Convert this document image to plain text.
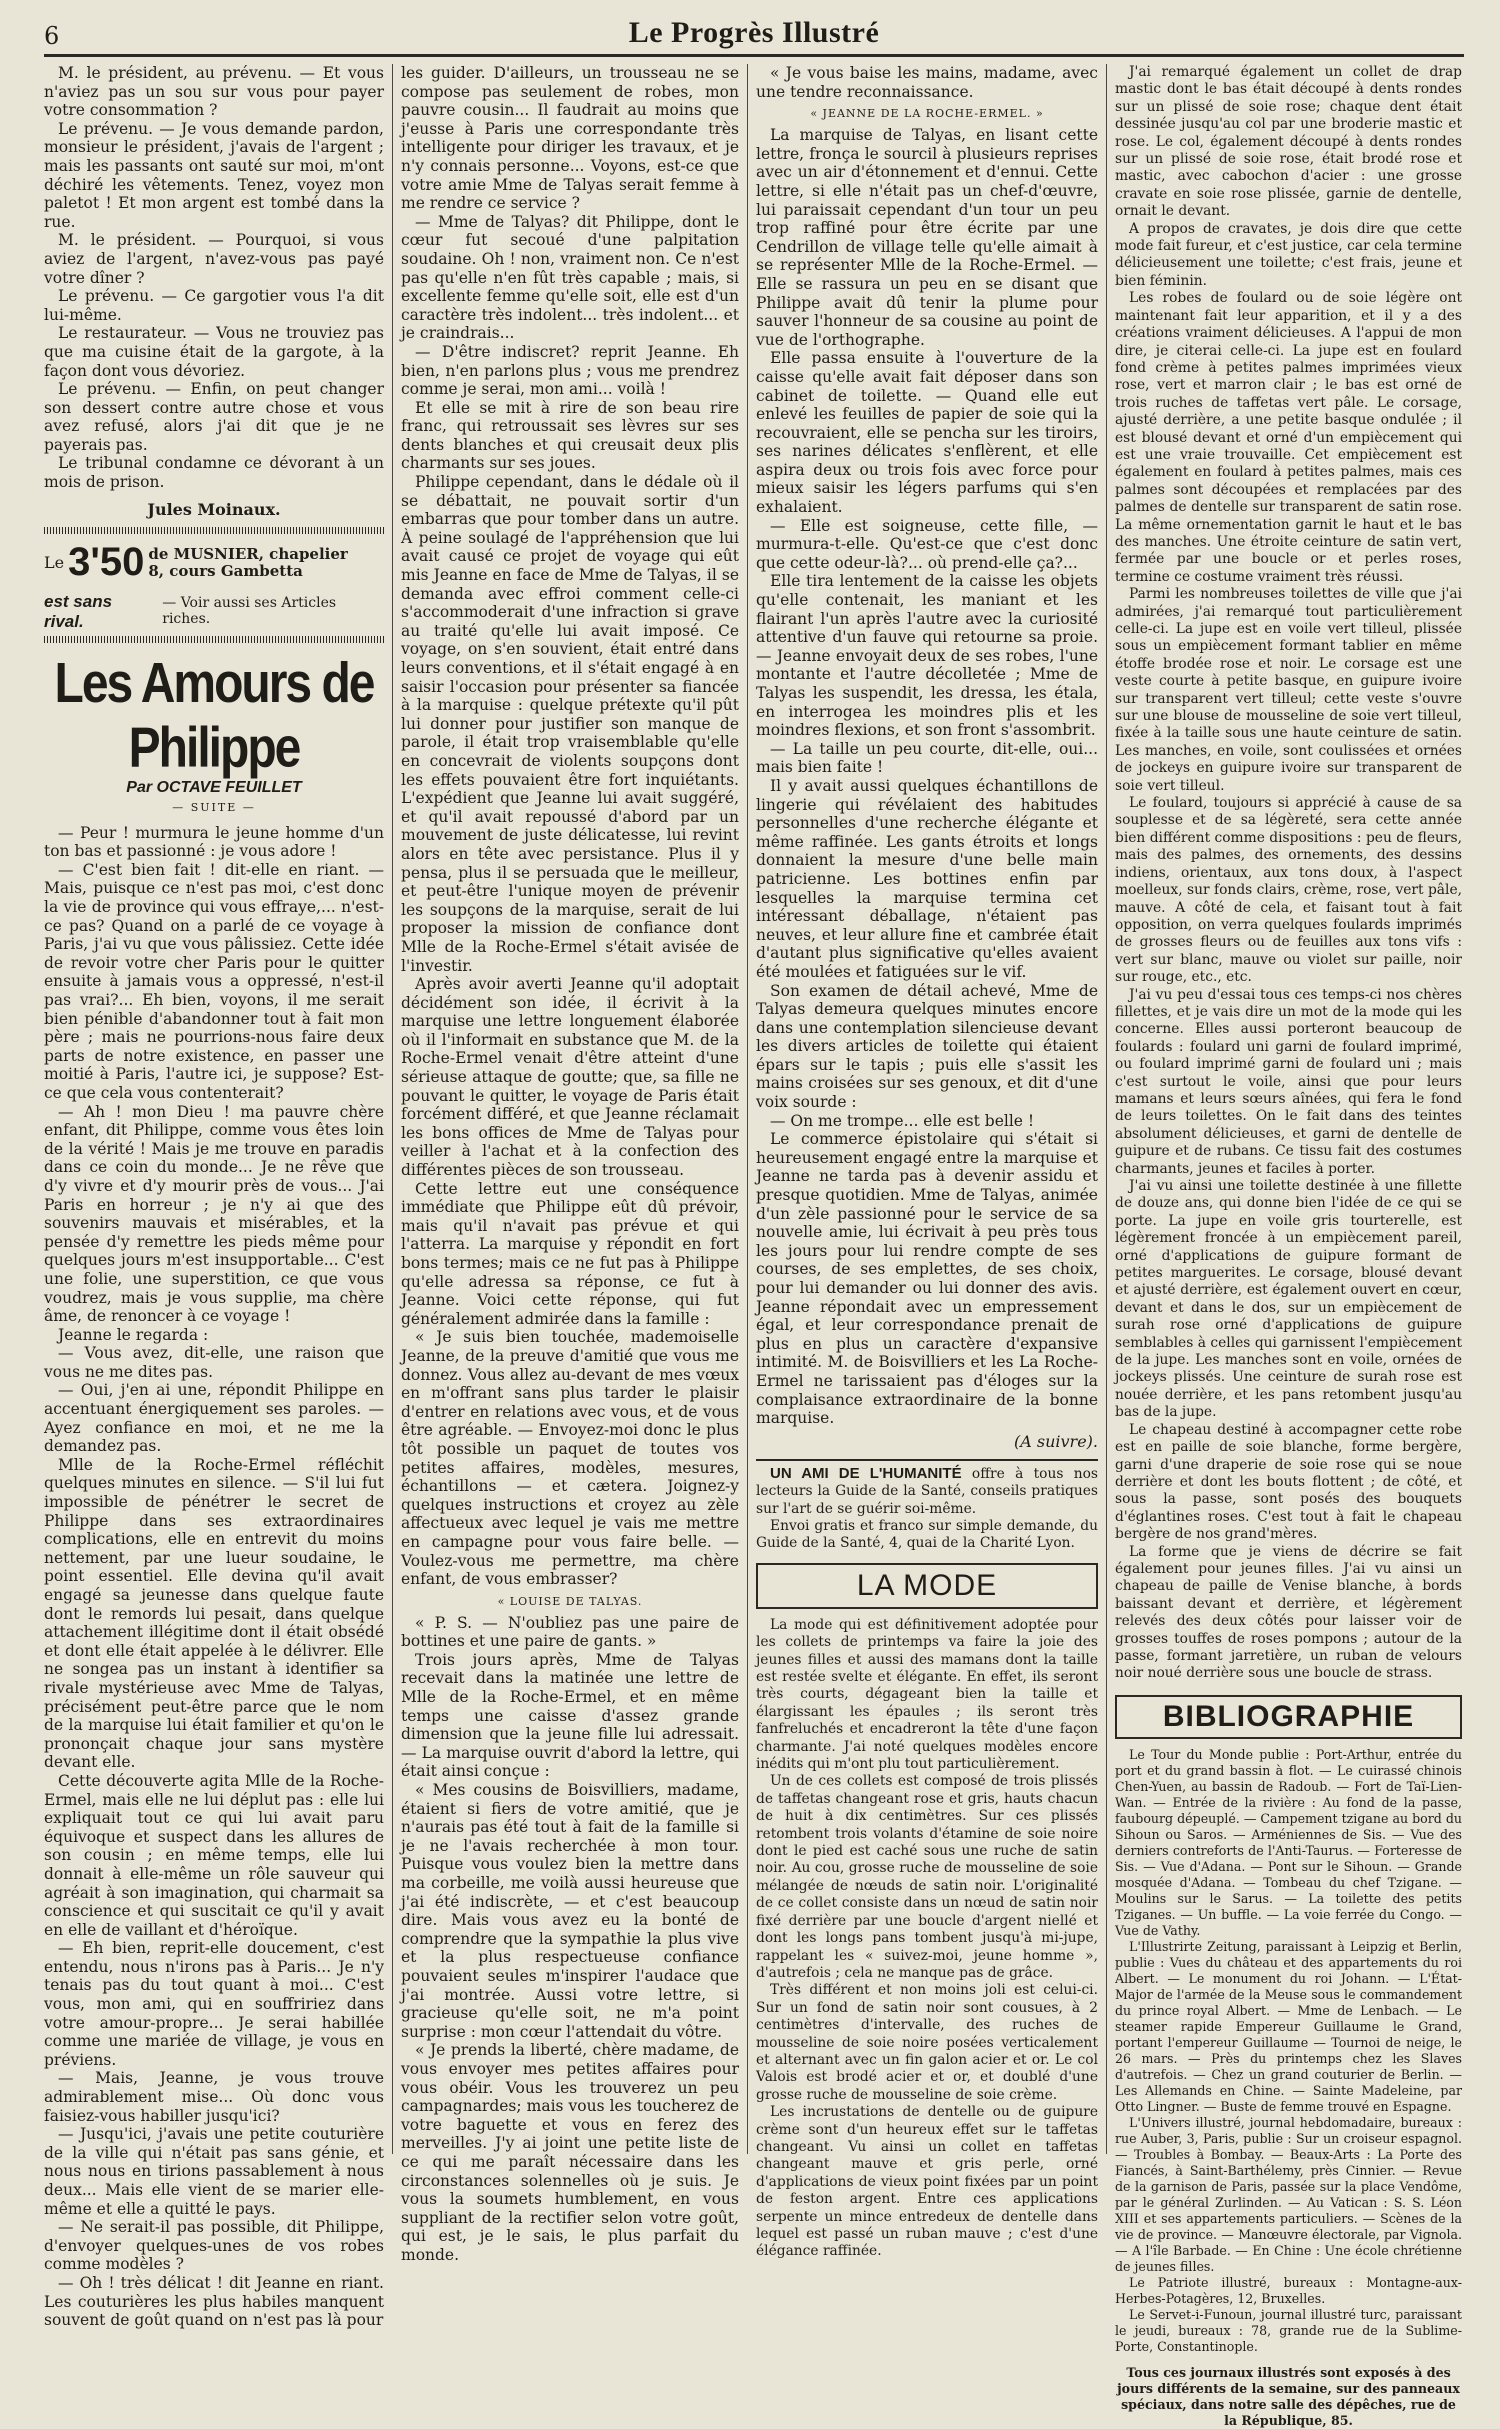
6	Le Progrès Illustré

M. le président, au prévenu. — Et vous n'aviez pas un sou sur vous pour payer votre consommation ?

Le prévenu. — Je vous demande pardon, monsieur le président, j'avais de l'argent ; mais les passants ont sauté sur moi, m'ont déchiré les vêtements. Tenez, voyez mon paletot ! Et mon argent est tombé dans la rue.

M. le président. — Pourquoi, si vous aviez de l'argent, n'avez-vous pas payé votre dîner ?

Le prévenu. — Ce gargotier vous l'a dit lui-même.

Le restaurateur. — Vous ne trouviez pas que ma cuisine était de la gargote, à la façon dont vous dévoriez.

Le prévenu. — Enfin, on peut changer son dessert contre autre chose et vous avez refusé, alors j'ai dit que je ne payerais pas.

Le tribunal condamne ce dévorant à un mois de prison.

Jules Moinaux.
Le 3'50 de MUSNIER, chapelier
8, cours Gambetta
est sans rival.
— Voir aussi ses Articles riches.
Les Amours de Philippe
Par OCTAVE FEUILLET
— SUITE —

— Peur ! murmura le jeune homme d'un ton bas et passionné : je vous adore !

— C'est bien fait ! dit-elle en riant. — Mais, puisque ce n'est pas moi, c'est donc la vie de province qui vous effraye,... n'est-ce pas? Quand on a parlé de ce voyage à Paris, j'ai vu que vous pâlissiez. Cette idée de revoir votre cher Paris pour le quitter ensuite à jamais vous a oppressé, n'est-il pas vrai?... Eh bien, voyons, il me serait bien pénible d'abandonner tout à fait mon père ; mais ne pourrions-nous faire deux parts de notre existence, en passer une moitié à Paris, l'autre ici, je suppose? Est-ce que cela vous contenterait?

— Ah ! mon Dieu ! ma pauvre chère enfant, dit Philippe, comme vous êtes loin de la vérité ! Mais je me trouve en paradis dans ce coin du monde... Je ne rêve que d'y vivre et d'y mourir près de vous... J'ai Paris en horreur ; je n'y ai que des souvenirs mauvais et misérables, et la pensée d'y remettre les pieds même pour quelques jours m'est insupportable... C'est une folie, une superstition, ce que vous voudrez, mais je vous supplie, ma chère âme, de renoncer à ce voyage !

Jeanne le regarda :

— Vous avez, dit-elle, une raison que vous ne me dites pas.

— Oui, j'en ai une, répondit Philippe en accentuant énergiquement ses paroles. — Ayez confiance en moi, et ne me la demandez pas.

Mlle de la Roche-Ermel réfléchit quelques minutes en silence. — S'il lui fut impossible de pénétrer le secret de Philippe dans ses extraordinaires complications, elle en entrevit du moins nettement, par une lueur soudaine, le point essentiel. Elle devina qu'il avait engagé sa jeunesse dans quelque faute dont le remords lui pesait, dans quelque attachement illégitime dont il était obsédé et dont elle était appelée à le délivrer. Elle ne songea pas un instant à identifier sa rivale mystérieuse avec Mme de Talyas, précisément peut-être parce que le nom de la marquise lui était familier et qu'on le prononçait chaque jour sans mystère devant elle.

Cette découverte agita Mlle de la Roche-Ermel, mais elle ne lui déplut pas : elle lui expliquait tout ce qui lui avait paru équivoque et suspect dans les allures de son cousin ; en même temps, elle lui donnait à elle-même un rôle sauveur qui agréait à son imagination, qui charmait sa conscience et qui suscitait ce qu'il y avait en elle de vaillant et d'héroïque.

— Eh bien, reprit-elle doucement, c'est entendu, nous n'irons pas à Paris... Je n'y tenais pas du tout quant à moi... C'est vous, mon ami, qui en souffririez dans votre amour-propre... Je serai habillée comme une mariée de village, je vous en préviens.

— Mais, Jeanne, je vous trouve admirablement mise... Où donc vous faisiez-vous habiller jusqu'ici?

— Jusqu'ici, j'avais une petite couturière de la ville qui n'était pas sans génie, et nous nous en tirions passablement à nous deux... Mais elle vient de se marier elle-même et elle a quitté le pays.

— Ne serait-il pas possible, dit Philippe, d'envoyer quelques-unes de vos robes comme modèles ?

— Oh ! très délicat ! dit Jeanne en riant. Les couturières les plus habiles manquent souvent de goût quand on n'est pas là pour

les guider. D'ailleurs, un trousseau ne se compose pas seulement de robes, mon pauvre cousin... Il faudrait au moins que j'eusse à Paris une correspondante très intelligente pour diriger les travaux, et je n'y connais personne... Voyons, est-ce que votre amie Mme de Talyas serait femme à me rendre ce service ?

— Mme de Talyas? dit Philippe, dont le cœur fut secoué d'une palpitation soudaine. Oh ! non, vraiment non. Ce n'est pas qu'elle n'en fût très capable ; mais, si excellente femme qu'elle soit, elle est d'un caractère très indolent... très indolent... et je craindrais...

— D'être indiscret? reprit Jeanne. Eh bien, n'en parlons plus ; vous me prendrez comme je serai, mon ami... voilà !

Et elle se mit à rire de son beau rire franc, qui retroussait ses lèvres sur ses dents blanches et qui creusait deux plis charmants sur ses joues.

Philippe cependant, dans le dédale où il se débattait, ne pouvait sortir d'un embarras que pour tomber dans un autre. À peine soulagé de l'appréhension que lui avait causé ce projet de voyage qui eût mis Jeanne en face de Mme de Talyas, il se demanda avec effroi comment celle-ci s'accommoderait d'une infraction si grave au traité qu'elle lui avait imposé. Ce voyage, on s'en souvient, était entré dans leurs conventions, et il s'était engagé à en saisir l'occasion pour présenter sa fiancée à la marquise : quelque prétexte qu'il pût lui donner pour justifier son manque de parole, il était trop vraisemblable qu'elle en concevrait de violents soupçons dont les effets pouvaient être fort inquiétants. L'expédient que Jeanne lui avait suggéré, et qu'il avait repoussé d'abord par un mouvement de juste délicatesse, lui revint alors en tête avec persistance. Plus il y pensa, plus il se persuada que le meilleur, et peut-être l'unique moyen de prévenir les soupçons de la marquise, serait de lui proposer la mission de confiance dont Mlle de la Roche-Ermel s'était avisée de l'investir.

Après avoir averti Jeanne qu'il adoptait décidément son idée, il écrivit à la marquise une lettre longuement élaborée où il l'informait en substance que M. de la Roche-Ermel venait d'être atteint d'une sérieuse attaque de goutte; que, sa fille ne pouvant le quitter, le voyage de Paris était forcément différé, et que Jeanne réclamait les bons offices de Mme de Talyas pour veiller à l'achat et à la confection des différentes pièces de son trousseau.

Cette lettre eut une conséquence immédiate que Philippe eût dû prévoir, mais qu'il n'avait pas prévue et qui l'atterra. La marquise y répondit en fort bons termes; mais ce ne fut pas à Philippe qu'elle adressa sa réponse, ce fut à Jeanne. Voici cette réponse, qui fut généralement admirée dans la famille :

« Je suis bien touchée, mademoiselle Jeanne, de la preuve d'amitié que vous me donnez. Vous allez au-devant de mes vœux en m'offrant sans plus tarder le plaisir d'entrer en relations avec vous, et de vous être agréable. — Envoyez-moi donc le plus tôt possible un paquet de toutes vos petites affaires, modèles, mesures, échantillons — et cætera. Joignez-y quelques instructions et croyez au zèle affectueux avec lequel je vais me mettre en campagne pour vous faire belle. — Voulez-vous me permettre, ma chère enfant, de vous embrasser?

« LOUISE DE TALYAS.

« P. S. — N'oubliez pas une paire de bottines et une paire de gants. »

Trois jours après, Mme de Talyas recevait dans la matinée une lettre de Mlle de la Roche-Ermel, et en même temps une caisse d'assez grande dimension que la jeune fille lui adressait. — La marquise ouvrit d'abord la lettre, qui était ainsi conçue :

« Mes cousins de Boisvilliers, madame, étaient si fiers de votre amitié, que je n'aurais pas été tout à fait de la famille si je ne l'avais recherchée à mon tour. Puisque vous voulez bien la mettre dans ma corbeille, me voilà aussi heureuse que j'ai été indiscrète, — et c'est beaucoup dire. Mais vous avez eu la bonté de comprendre que la sympathie la plus vive et la plus respectueuse confiance pouvaient seules m'inspirer l'audace que j'ai montrée. Aussi votre lettre, si gracieuse qu'elle soit, ne m'a point surprise : mon cœur l'attendait du vôtre.

« Je prends la liberté, chère madame, de vous envoyer mes petites affaires pour vous obéir. Vous les trouverez un peu campagnardes; mais vous les toucherez de votre baguette et vous en ferez des merveilles. J'y ai joint une petite liste de ce qui me paraît nécessaire dans les circonstances solennelles où je suis. Je vous la soumets humblement, en vous suppliant de la rectifier selon votre goût, qui est, je le sais, le plus parfait du monde.

« Je vous baise les mains, madame, avec une tendre reconnaissance.

« JEANNE DE LA ROCHE-ERMEL. »

La marquise de Talyas, en lisant cette lettre, fronça le sourcil à plusieurs reprises avec un air d'étonnement et d'ennui. Cette lettre, si elle n'était pas un chef-d'œuvre, lui paraissait cependant d'un tour un peu trop raffiné pour être écrite par une Cendrillon de village telle qu'elle aimait à se représenter Mlle de la Roche-Ermel. — Elle se rassura un peu en se disant que Philippe avait dû tenir la plume pour sauver l'honneur de sa cousine au point de vue de l'orthographe.

Elle passa ensuite à l'ouverture de la caisse qu'elle avait fait déposer dans son cabinet de toilette. — Quand elle eut enlevé les feuilles de papier de soie qui la recouvraient, elle se pencha sur les tiroirs, ses narines délicates s'enflèrent, et elle aspira deux ou trois fois avec force pour mieux saisir les légers parfums qui s'en exhalaient.

— Elle est soigneuse, cette fille, — murmura-t-elle. Qu'est-ce que c'est donc que cette odeur-là?... où prend-elle ça?...

Elle tira lentement de la caisse les objets qu'elle contenait, les maniant et les flairant l'un après l'autre avec la curiosité attentive d'un fauve qui retourne sa proie. — Jeanne envoyait deux de ses robes, l'une montante et l'autre décolletée ; Mme de Talyas les suspendit, les dressa, les étala, en interrogea les moindres plis et les moindres flexions, et son front s'assombrit.

— La taille un peu courte, dit-elle, oui... mais bien faite !

Il y avait aussi quelques échantillons de lingerie qui révélaient des habitudes personnelles d'une recherche élégante et même raffinée. Les gants étroits et longs donnaient la mesure d'une belle main patricienne. Les bottines enfin par lesquelles la marquise termina cet intéressant déballage, n'étaient pas neuves, et leur allure fine et cambrée était d'autant plus significative qu'elles avaient été moulées et fatiguées sur le vif.

Son examen de détail achevé, Mme de Talyas demeura quelques minutes encore dans une contemplation silencieuse devant les divers articles de toilette qui étaient épars sur le tapis ; puis elle s'assit les mains croisées sur ses genoux, et dit d'une voix sourde :

— On me trompe... elle est belle !

Le commerce épistolaire qui s'était si heureusement engagé entre la marquise et Jeanne ne tarda pas à devenir assidu et presque quotidien. Mme de Talyas, animée d'un zèle passionné pour le service de sa nouvelle amie, lui écrivait à peu près tous les jours pour lui rendre compte de ses courses, de ses emplettes, de ses choix, pour lui demander ou lui donner des avis. Jeanne répondait avec un empressement égal, et leur correspondance prenait de plus en plus un caractère d'expansive intimité. M. de Boisvilliers et les La Roche-Ermel ne tarissaient pas d'éloges sur la complaisance extraordinaire de la bonne marquise.

(A suivre).

UN AMI DE L'HUMANITÉ offre à tous nos lecteurs la Guide de la Santé, conseils pratiques sur l'art de se guérir soi-même.

Envoi gratis et franco sur simple demande, du Guide de la Santé, 4, quai de la Charité Lyon.

LA MODE

La mode qui est définitivement adoptée pour les collets de printemps va faire la joie des jeunes filles et aussi des mamans dont la taille est restée svelte et élégante. En effet, ils seront très courts, dégageant bien la taille et élargissant les épaules ; ils seront très fanfreluchés et encadreront la tête d'une façon charmante. J'ai noté quelques modèles encore inédits qui m'ont plu tout particulièrement.

Un de ces collets est composé de trois plissés de taffetas changeant rose et gris, hauts chacun de huit à dix centimètres. Sur ces plissés retombent trois volants d'étamine de soie noire dont le pied est caché sous une ruche de satin noir. Au cou, grosse ruche de mousseline de soie mélangée de nœuds de satin noir. L'originalité de ce collet consiste dans un nœud de satin noir fixé derrière par une boucle d'argent niellé et dont les longs pans tombent jusqu'à mi-jupe, rappelant les « suivez-moi, jeune homme », d'autrefois ; cela ne manque pas de grâce.

Très différent et non moins joli est celui-ci. Sur un fond de satin noir sont cousues, à 2 centimètres d'intervalle, des ruches de mousseline de soie noire posées verticalement et alternant avec un fin galon acier et or. Le col Valois est brodé acier et or, et doublé d'une grosse ruche de mousseline de soie crème.

Les incrustations de dentelle ou de guipure crème sont d'un heureux effet sur le taffetas changeant. Vu ainsi un collet en taffetas changeant mauve et gris perle, orné d'applications de vieux point fixées par un point de feston argent. Entre ces applications serpente un mince entredeux de dentelle dans lequel est passé un ruban mauve ; c'est d'une élégance raffinée.

J'ai remarqué également un collet de drap mastic dont le bas était découpé à dents rondes sur un plissé de soie rose; chaque dent était dessinée jusqu'au col par une broderie mastic et rose. Le col, également découpé à dents rondes sur un plissé de soie rose, était brodé rose et mastic, avec cabochon d'acier : une grosse cravate en soie rose plissée, garnie de dentelle, ornait le devant.

A propos de cravates, je dois dire que cette mode fait fureur, et c'est justice, car cela termine délicieusement une toilette; c'est frais, jeune et bien féminin.

Les robes de foulard ou de soie légère ont maintenant fait leur apparition, et il y a des créations vraiment délicieuses. A l'appui de mon dire, je citerai celle-ci. La jupe est en foulard fond crème à petites palmes imprimées vieux rose, vert et marron clair ; le bas est orné de trois ruches de taffetas vert pâle. Le corsage, ajusté derrière, a une petite basque ondulée ; il est blousé devant et orné d'un empiècement qui est une vraie trouvaille. Cet empiècement est également en foulard à petites palmes, mais ces palmes sont découpées et remplacées par des palmes de dentelle sur transparent de satin rose. La même ornementation garnit le haut et le bas des manches. Une étroite ceinture de satin vert, fermée par une boucle or et perles roses, termine ce costume vraiment très réussi.

Parmi les nombreuses toilettes de ville que j'ai admirées, j'ai remarqué tout particulièrement celle-ci. La jupe est en voile vert tilleul, plissée sous un empiècement formant tablier en même étoffe brodée rose et noir. Le corsage est une veste courte à petite basque, en guipure ivoire sur transparent vert tilleul; cette veste s'ouvre sur une blouse de mousseline de soie vert tilleul, fixée à la taille sous une haute ceinture de satin. Les manches, en voile, sont coulissées et ornées de jockeys en guipure ivoire sur transparent de soie vert tilleul.

Le foulard, toujours si apprécié à cause de sa souplesse et de sa légèreté, sera cette année bien différent comme dispositions : peu de fleurs, mais des palmes, des ornements, des dessins indiens, orientaux, aux tons doux, à l'aspect moelleux, sur fonds clairs, crème, rose, vert pâle, mauve. A côté de cela, et faisant tout à fait opposition, on verra quelques foulards imprimés de grosses fleurs ou de feuilles aux tons vifs : vert sur blanc, mauve ou violet sur paille, noir sur rouge, etc., etc.

J'ai vu peu d'essai tous ces temps-ci nos chères fillettes, et je vais dire un mot de la mode qui les concerne. Elles aussi porteront beaucoup de foulards : foulard uni garni de foulard imprimé, ou foulard imprimé garni de foulard uni ; mais c'est surtout le voile, ainsi que pour leurs mamans et leurs sœurs aînées, qui fera le fond de leurs toilettes. On le fait dans des teintes absolument délicieuses, et garni de dentelle de guipure et de rubans. Ce tissu fait des costumes charmants, jeunes et faciles à porter.

J'ai vu ainsi une toilette destinée à une fillette de douze ans, qui donne bien l'idée de ce qui se porte. La jupe en voile gris tourterelle, est légèrement froncée à un empiècement pareil, orné d'applications de guipure formant de petites marguerites. Le corsage, blousé devant et ajusté derrière, est également ouvert en cœur, devant et dans le dos, sur un empiècement de surah rose orné d'applications de guipure semblables à celles qui garnissent l'empiècement de la jupe. Les manches sont en voile, ornées de jockeys plissés. Une ceinture de surah rose est nouée derrière, et les pans retombent jusqu'au bas de la jupe.

Le chapeau destiné à accompagner cette robe est en paille de soie blanche, forme bergère, garni d'une draperie de soie rose qui se noue derrière et dont les bouts flottent ; de côté, et sous la passe, sont posés des bouquets d'églantines roses. C'est tout à fait le chapeau bergère de nos grand'mères.

La forme que je viens de décrire se fait également pour jeunes filles. J'ai vu ainsi un chapeau de paille de Venise blanche, à bords baissant devant et derrière, et légèrement relevés des deux côtés pour laisser voir de grosses touffes de roses pompons ; autour de la passe, formant jarretière, un ruban de velours noir noué derrière sous une boucle de strass.

BIBLIOGRAPHIE

Le Tour du Monde publie : Port-Arthur, entrée du port et du grand bassin à flot. — Le cuirassé chinois Chen-Yuen, au bassin de Radoub. — Fort de Taï-Lien-Wan. — Entrée de la rivière : Au fond de la passe, faubourg dépeuplé. — Campement tzigane au bord du Sihoun ou Saros. — Arméniennes de Sis. — Vue des derniers contreforts de l'Anti-Taurus. — Forteresse de Sis. — Vue d'Adana. — Pont sur le Sihoun. — Grande mosquée d'Adana. — Tombeau du chef Tzigane. — Moulins sur le Sarus. — La toilette des petits Tziganes. — Un buffle. — La voie ferrée du Congo. — Vue de Vathy.

L'Illustrirte Zeitung, paraissant à Leipzig et Berlin, publie : Vues du château et des appartements du roi Albert. — Le monument du roi Johann. — L'État-Major de l'armée de la Meuse sous le commandement du prince royal Albert. — Mme de Lenbach. — Le steamer rapide Empereur Guillaume le Grand, portant l'empereur Guillaume — Tournoi de neige, le 26 mars. — Près du printemps chez les Slaves d'autrefois. — Chez un grand couturier de Berlin. — Les Allemands en Chine. — Sainte Madeleine, par Otto Lingner. — Buste de femme trouvé en Espagne.

L'Univers illustré, journal hebdomadaire, bureaux : rue Auber, 3, Paris, publie : Sur un croiseur espagnol. — Troubles à Bombay. — Beaux-Arts : La Porte des Fiancés, à Saint-Barthélemy, près Cinnier. — Revue de la garnison de Paris, passée sur la place Vendôme, par le général Zurlinden. — Au Vatican : S. S. Léon XIII et ses appartements particuliers. — Scènes de la vie de province. — Manœuvre électorale, par Vignola. — A l'île Barbade. — En Chine : Une école chrétienne de jeunes filles.

Le Patriote illustré, bureaux : Montagne-aux-Herbes-Potagères, 12, Bruxelles.

Le Servet-i-Funoun, journal illustré turc, paraissant le jeudi, bureaux : 78, grande rue de la Sublime-Porte, Constantinople.

Tous ces journaux illustrés sont exposés à des jours différents de la semaine, sur des panneaux spéciaux, dans notre salle des dépêches, rue de la République, 85.
